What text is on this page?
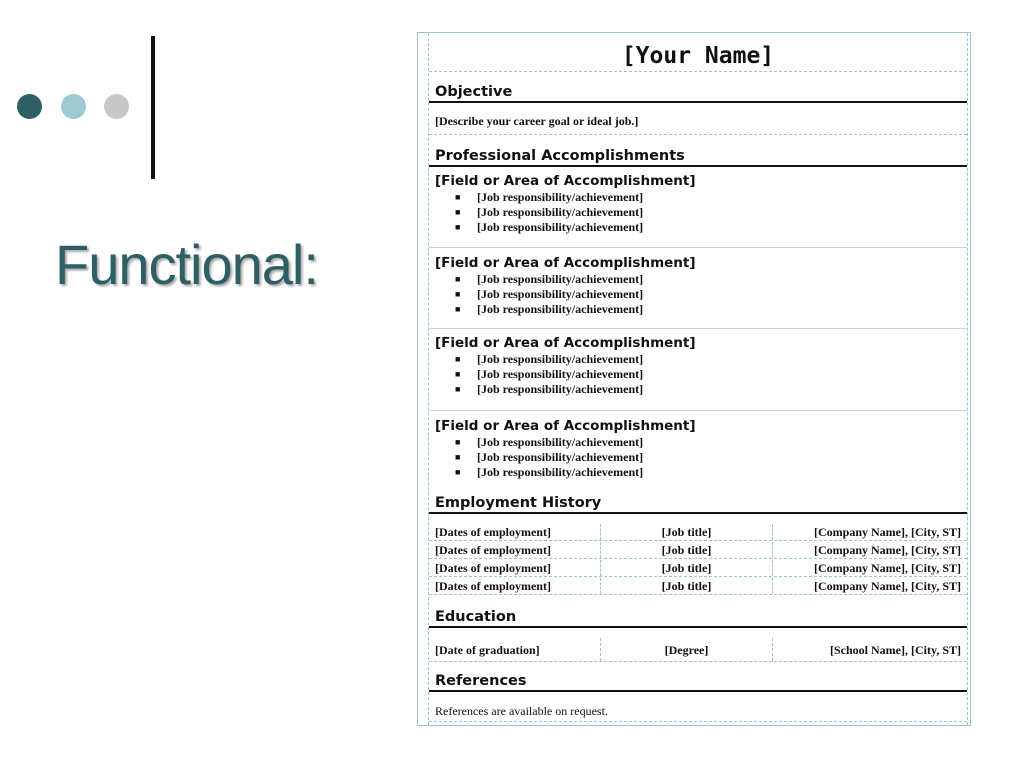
Functional:
[Your Name]
Objective
[Describe your career goal or ideal job.]
Professional Accomplishments
[Field or Area of Accomplishment]
■ [Job responsibility/achievement]
■ [Job responsibility/achievement]
■ [Job responsibility/achievement]
[Field or Area of Accomplishment]
■ [Job responsibility/achievement]
■ [Job responsibility/achievement]
■ [Job responsibility/achievement]
[Field or Area of Accomplishment]
■ [Job responsibility/achievement]
■ [Job responsibility/achievement]
■ [Job responsibility/achievement]
[Field or Area of Accomplishment]
■ [Job responsibility/achievement]
■ [Job responsibility/achievement]
■ [Job responsibility/achievement]
Employment History
[Dates of employment]	[Job title]	[Company Name], [City, ST]
[Dates of employment]	[Job title]	[Company Name], [City, ST]
[Dates of employment]	[Job title]	[Company Name], [City, ST]
[Dates of employment]	[Job title]	[Company Name], [City, ST]
Education
[Date of graduation]	[Degree]	[School Name], [City, ST]
References
References are available on request.
